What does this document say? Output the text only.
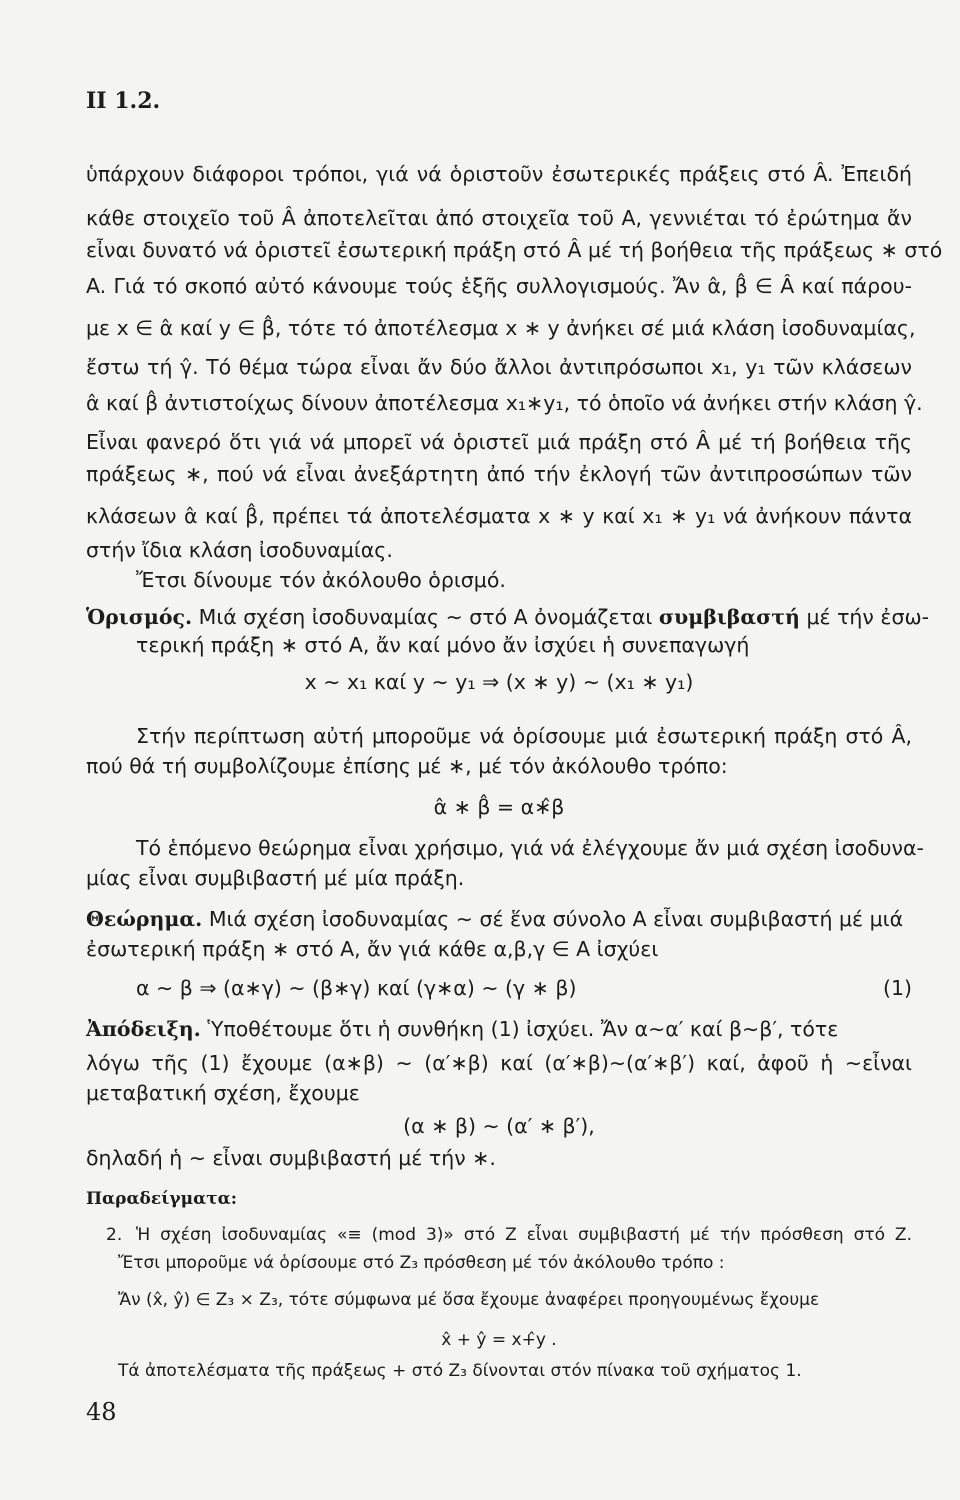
II 1.2.
ὑπάρχουν διάφοροι τρόποι, γιά νά ὁριστοῦν ἐσωτερικές πράξεις στό Â. Ἐπειδή
κάθε στοιχεῖο τοῦ Â ἀποτελεῖται ἀπό στοιχεῖα τοῦ A, γεννιέται τό ἐρώτημα ἄν
εἶναι δυνατό νά ὁριστεῖ ἐσωτερική πράξη στό Â μέ τή βοήθεια τῆς πράξεως ∗ στό
A. Γιά τό σκοπό αὐτό κάνουμε τούς ἑξῆς συλλογισμούς. Ἄν α̂, β̂ ∈ Â καί πάρου-
με x ∈ α̂ καί y ∈ β̂, τότε τό ἀποτέλεσμα x ∗ y ἀνήκει σέ μιά κλάση ἰσοδυναμίας,
ἔστω τή γ̂. Τό θέμα τώρα εἶναι ἄν δύο ἄλλοι ἀντιπρόσωποι x₁, y₁ τῶν κλάσεων
α̂ καί β̂ ἀντιστοίχως δίνουν ἀποτέλεσμα x₁∗y₁, τό ὁποῖο νά ἀνήκει στήν κλάση γ̂.
Εἶναι φανερό ὅτι γιά νά μπορεῖ νά ὁριστεῖ μιά πράξη στό Â μέ τή βοήθεια τῆς
πράξεως ∗, πού νά εἶναι ἀνεξάρτητη ἀπό τήν ἐκλογή τῶν ἀντιπροσώπων τῶν
κλάσεων α̂ καί β̂, πρέπει τά ἀποτελέσματα x ∗ y καί x₁ ∗ y₁ νά ἀνήκουν πάντα
στήν ἴδια κλάση ἰσοδυναμίας.
Ἔτσι δίνουμε τόν ἀκόλουθο ὁρισμό.
Ὁρισμός. Μιά σχέση ἰσοδυναμίας ∼ στό A ὀνομάζεται συμβιβαστή μέ τήν ἐσω-
τερική πράξη ∗ στό A, ἄν καί μόνο ἄν ἰσχύει ἡ συνεπαγωγή
x ∼ x₁ καί y ∼ y₁ ⇒ (x ∗ y) ∼ (x₁ ∗ y₁)
Στήν περίπτωση αὐτή μποροῦμε νά ὁρίσουμε μιά ἐσωτερική πράξη στό Â,
πού θά τή συμβολίζουμε ἐπίσης μέ ∗, μέ τόν ἀκόλουθο τρόπο:
α̂ ∗ β̂ = α∗̂β
Τό ἑπόμενο θεώρημα εἶναι χρήσιμο, γιά νά ἐλέγχουμε ἄν μιά σχέση ἰσοδυνα-
μίας εἶναι συμβιβαστή μέ μία πράξη.
Θεώρημα. Μιά σχέση ἰσοδυναμίας ∼ σέ ἕνα σύνολο A εἶναι συμβιβαστή μέ μιά
ἐσωτερική πράξη ∗ στό A, ἄν γιά κάθε α,β,γ ∈ A ἰσχύει
α ∼ β ⇒ (α∗γ) ∼ (β∗γ) καί (γ∗α) ∼ (γ ∗ β)	(1)
Ἀπόδειξη. Ὑποθέτουμε ὅτι ἡ συνθήκη (1) ἰσχύει. Ἄν α∼α′ καί β∼β′, τότε
λόγω τῆς (1) ἔχουμε (α∗β) ∼ (α′∗β) καί (α′∗β)∼(α′∗β′) καί, ἀφοῦ ἡ ∼εἶναι
μεταβατική σχέση, ἔχουμε
(α ∗ β) ∼ (α′ ∗ β′),
δηλαδή ἡ ∼ εἶναι συμβιβαστή μέ τήν ∗.
Παραδείγματα:
2. Ἡ σχέση ἰσοδυναμίας «≡ (mod 3)» στό Z εἶναι συμβιβαστή μέ τήν πρόσθεση στό Z.
Ἔτσι μποροῦμε νά ὁρίσουμε στό Z₃ πρόσθεση μέ τόν ἀκόλουθο τρόπο :
Ἄν (x̂, ŷ) ∈ Z₃ × Z₃, τότε σύμφωνα μέ ὅσα ἔχουμε ἀναφέρει προηγουμένως ἔχουμε
x̂ + ŷ = x+̂y .
Τά ἀποτελέσματα τῆς πράξεως + στό Z₃ δίνονται στόν πίνακα τοῦ σχήματος 1.
48
